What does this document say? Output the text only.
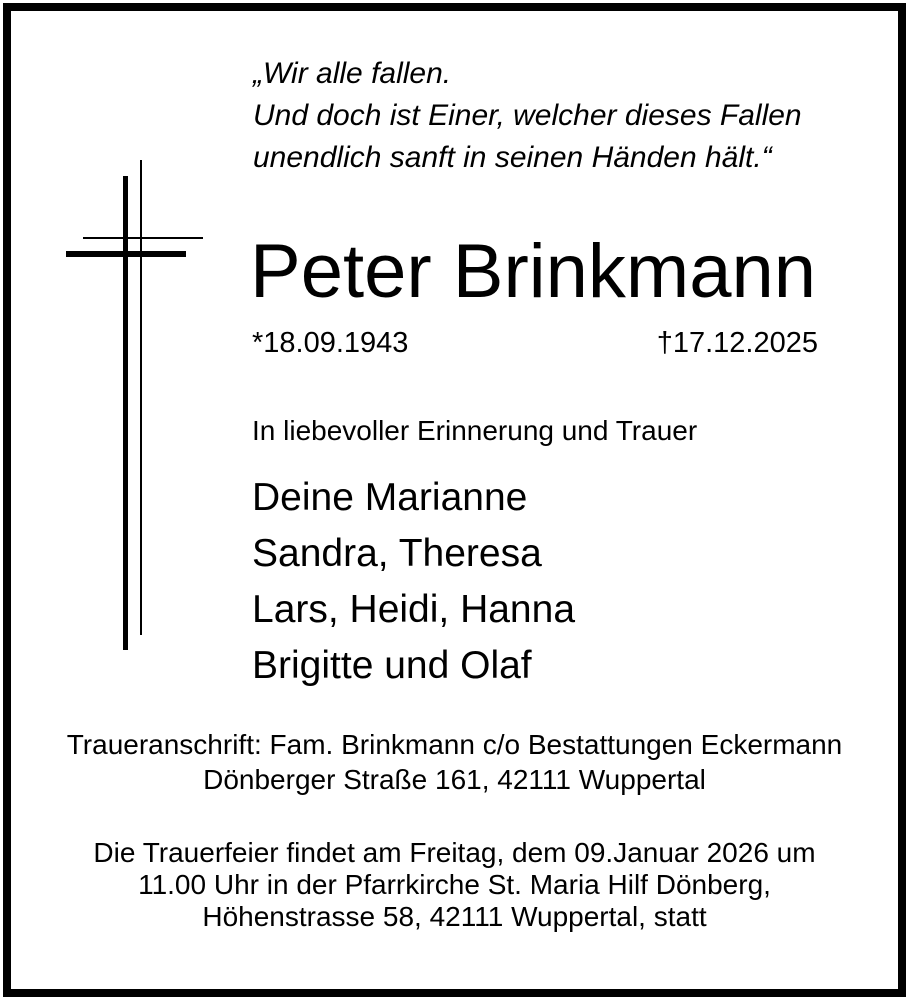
„Wir alle fallen.
Und doch ist Einer, welcher dieses Fallen
unendlich sanft in seinen Händen hält.“
Peter Brinkmann
*18.09.1943	†17.12.2025
In liebevoller Erinnerung und Trauer
Deine Marianne
Sandra, Theresa
Lars, Heidi, Hanna
Brigitte und Olaf
Traueranschrift: Fam. Brinkmann c/o Bestattungen Eckermann
Dönberger Straße 161, 42111 Wuppertal
Die Trauerfeier findet am Freitag, dem 09.Januar 2026 um
11.00 Uhr in der Pfarrkirche St. Maria Hilf Dönberg,
Höhenstrasse 58, 42111 Wuppertal, statt
